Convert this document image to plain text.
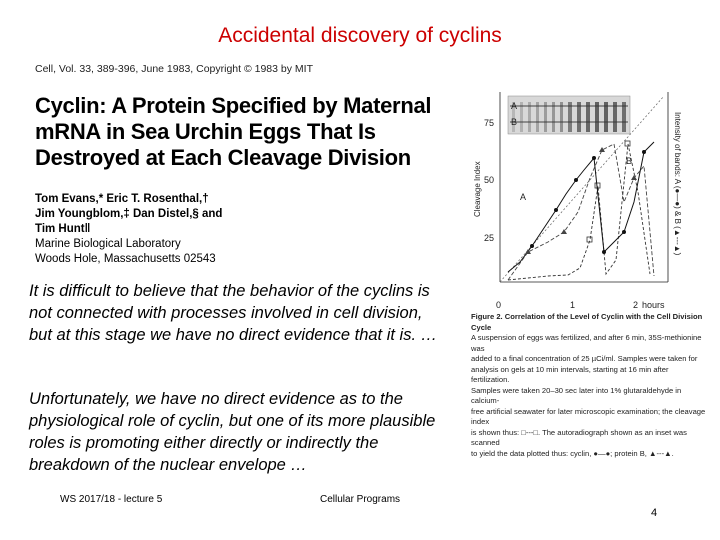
Accidental discovery of cyclins
Cell, Vol. 33, 389-396, June 1983, Copyright © 1983 by MIT
Cyclin: A Protein Specified by Maternal
mRNA in Sea Urchin Eggs That Is
Destroyed at Each Cleavage Division
Tom Evans,* Eric T. Rosenthal,†
Jim Youngblom,‡ Dan Distel,§ and
Tim Hunt‖
Marine Biological Laboratory
Woods Hole, Massachusetts 02543
It is difficult to believe that the behavior of the cyclins is not connected with processes involved in cell division, but at this stage we have no direct evidence that it is. …
Unfortunately, we have no direct evidence as to the physiological role of cyclin, but one of its more plausible roles is promoting either directly or indirectly the breakdown of the nuclear envelope …
A
B
75
50
25
Cleavage Index	Intensity of bands: A (●—●) & B (▲---▲)
0	1	2 hours
A
B
Figure 2. Correlation of the Level of Cyclin with the Cell Division Cycle
A suspension of eggs was fertilized, and after 6 min, 35S-methionine was
added to a final concentration of 25 µCi/ml. Samples were taken for
analysis on gels at 10 min intervals, starting at 16 min after fertilization.
Samples were taken 20–30 sec later into 1% glutaraldehyde in calcium-
free artificial seawater for later microscopic examination; the cleavage index
is shown thus: □---□. The autoradiograph shown as an inset was scanned
to yield the data plotted thus: cyclin, ●—●; protein B, ▲---▲.
WS 2017/18 - lecture 5	Cellular Programs
4
